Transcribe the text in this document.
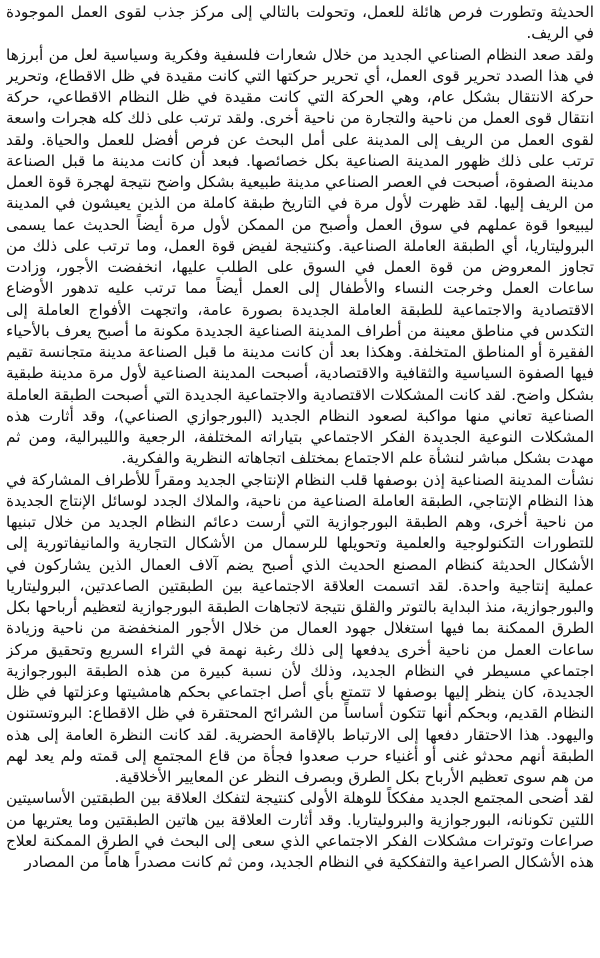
الحديثة وتطورت فرص هائلة للعمل، وتحولت بالتالي إلى مركز جذب لقوى العمل الموجودة في الريف.

ولقد صعد النظام الصناعي الجديد من خلال شعارات فلسفية وفكرية وسياسية لعل من أبرزها في هذا الصدد تحرير قوى العمل، أي تحرير حركتها التي كانت مقيدة في ظل الاقطاع، وتحرير حركة الانتقال بشكل عام، وهي الحركة التي كانت مقيدة في ظل النظام الاقطاعي، حركة انتقال قوى العمل من ناحية والتجارة من ناحية أخرى. ولقد ترتب على ذلك كله هجرات واسعة لقوى العمل من الريف إلى المدينة على أمل البحث عن فرص أفضل للعمل والحياة. ولقد ترتب على ذلك ظهور المدينة الصناعية بكل خصائصها. فبعد أن كانت مدينة ما قبل الصناعة مدينة الصفوة، أصبحت في العصر الصناعي مدينة طبيعية بشكل واضح نتيجة لهجرة قوة العمل من الريف إليها. لقد ظهرت لأول مرة في التاريخ طبقة كاملة من الذين يعيشون في المدينة ليبيعوا قوة عملهم في سوق العمل وأصبح من الممكن لأول مرة أيضاً الحديث عما يسمى البروليتاريا، أي الطبقة العاملة الصناعية. وكنتيجة لفيض قوة العمل، وما ترتب على ذلك من تجاوز المعروض من قوة العمل في السوق على الطلب عليها، انخفضت الأجور، وزادت ساعات العمل وخرجت النساء والأطفال إلى العمل أيضاً مما ترتب عليه تدهور الأوضاع الاقتصادية والاجتماعية للطبقة العاملة الجديدة بصورة عامة، واتجهت الأفواج العاملة إلى التكدس في مناطق معينة من أطراف المدينة الصناعية الجديدة مكونة ما أصبح يعرف بالأحياء الفقيرة أو المناطق المتخلفة. وهكذا بعد أن كانت مدينة ما قبل الصناعة مدينة متجانسة تقيم فيها الصفوة السياسية والثقافية والاقتصادية، أصبحت المدينة الصناعية لأول مرة مدينة طبقية بشكل واضح. لقد كانت المشكلات الاقتصادية والاجتماعية الجديدة التي أصبحت الطبقة العاملة الصناعية تعاني منها مواكبة لصعود النظام الجديد (البورجوازي الصناعي)، وقد أثارت هذه المشكلات النوعية الجديدة الفكر الاجتماعي بتياراته المختلفة، الرجعية والليبرالية، ومن ثم مهدت بشكل مباشر لنشأة علم الاجتماع بمختلف اتجاهاته النظرية والفكرية.

نشأت المدينة الصناعية إذن بوصفها قلب النظام الإنتاجي الجديد ومقراً للأطراف المشاركة في هذا النظام الإنتاجي، الطبقة العاملة الصناعية من ناحية، والملاك الجدد لوسائل الإنتاج الجديدة من ناحية أخرى، وهم الطبقة البورجوازية التي أرست دعائم النظام الجديد من خلال تبنيها للتطورات التكنولوجية والعلمية وتحويلها للرسمال من الأشكال التجارية والمانيفاتورية إلى الأشكال الحديثة كنظام المصنع الحديث الذي أصبح يضم آلاف العمال الذين يشاركون في عملية إنتاجية واحدة. لقد اتسمت العلاقة الاجتماعية بين الطبقتين الصاعدتين، البروليتاريا والبورجوازية، منذ البداية بالتوتر والقلق نتيجة لاتجاهات الطبقة البورجوازية لتعظيم أرباحها بكل الطرق الممكنة بما فيها استغلال جهود العمال من خلال الأجور المنخفضة من ناحية وزيادة ساعات العمل من ناحية أخرى يدفعها إلى ذلك رغبة نهمة في الثراء السريع وتحقيق مركز اجتماعي مسيطر في النظام الجديد، وذلك لأن نسبة كبيرة من هذه الطبقة البورجوازية الجديدة، كان ينظر إليها بوصفها لا تتمتع بأي أصل اجتماعي بحكم هامشيتها وعزلتها في ظل النظام القديم، وبحكم أنها تتكون أساساً من الشرائح المحتقرة في ظل الاقطاع: البروتستنون واليهود. هذا الاحتقار دفعها إلى الارتباط بالإقامة الحضرية. لقد كانت النظرة العامة إلى هذه الطبقة أنهم محدثو غنى أو أغنياء حرب صعدوا فجأة من قاع المجتمع إلى قمته ولم يعد لهم من هم سوى تعظيم الأرباح بكل الطرق وبصرف النظر عن المعايير الأخلاقية.

لقد أضحى المجتمع الجديد مفككاً للوهلة الأولى كنتيجة لتفكك العلاقة بين الطبقتين الأساسيتين اللتين تكونانه، البورجوازية والبروليتاريا. وقد أثارت العلاقة بين هاتين الطبقتين وما يعتريها من صراعات وتوترات مشكلات الفكر الاجتماعي الذي سعى إلى البحث في الطرق الممكنة لعلاج هذه الأشكال الصراعية والتفككية في النظام الجديد، ومن ثم كانت مصدراً هاماً من المصادر
